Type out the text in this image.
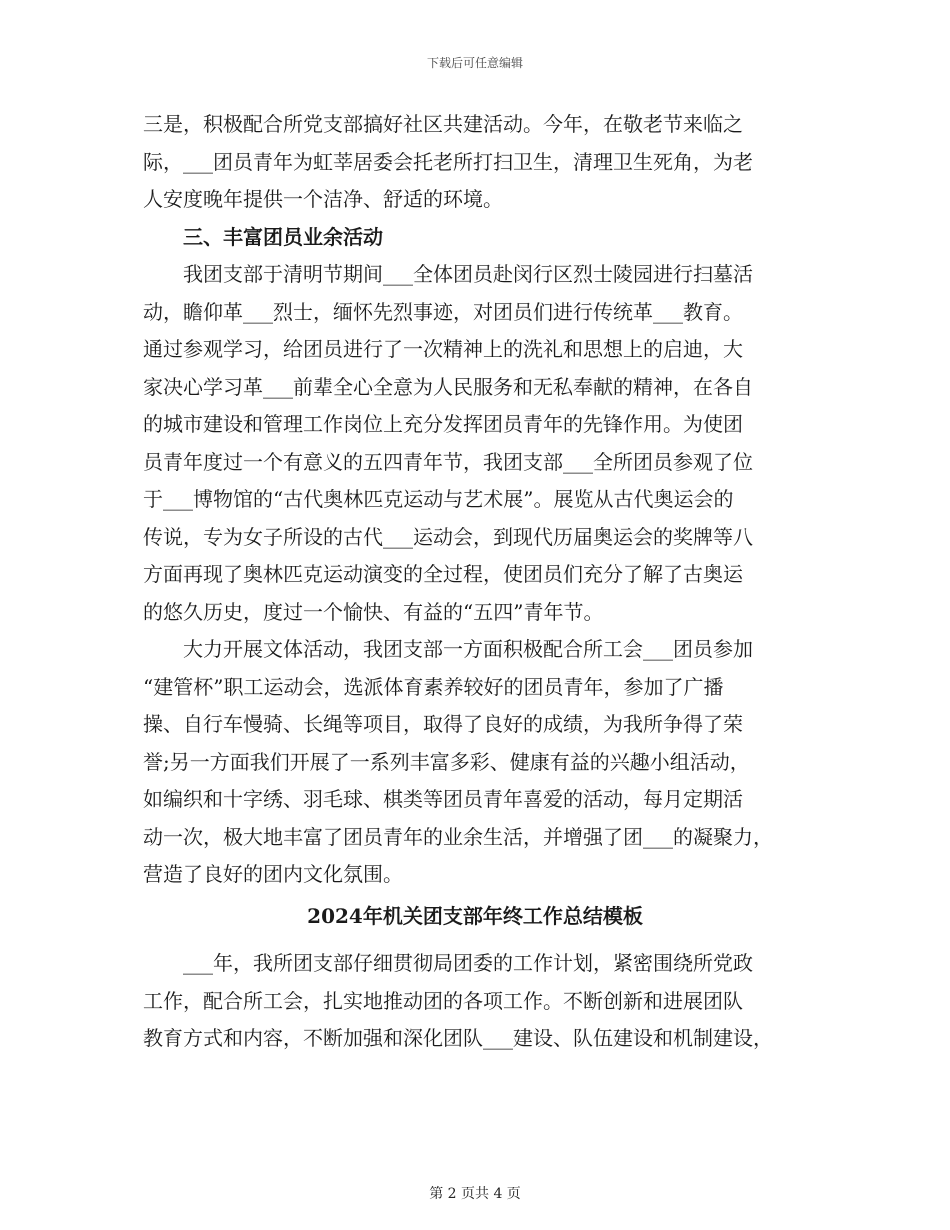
下载后可任意编辑
三是，积极配合所党支部搞好社区共建活动。今年，在敬老节来临之
际，___团员青年为虹莘居委会托老所打扫卫生，清理卫生死角，为老
人安度晚年提供一个洁净、舒适的环境。
三、丰富团员业余活动
我团支部于清明节期间___全体团员赴闵行区烈士陵园进行扫墓活
动，瞻仰革___烈士，缅怀先烈事迹，对团员们进行传统革___教育。
通过参观学习，给团员进行了一次精神上的洗礼和思想上的启迪，大
家决心学习革___前辈全心全意为人民服务和无私奉献的精神，在各自
的城市建设和管理工作岗位上充分发挥团员青年的先锋作用。为使团
员青年度过一个有意义的五四青年节，我团支部___全所团员参观了位
于___博物馆的“古代奥林匹克运动与艺术展”。展览从古代奥运会的
传说，专为女子所设的古代___运动会，到现代历届奥运会的奖牌等八
方面再现了奥林匹克运动演变的全过程，使团员们充分了解了古奥运
的悠久历史，度过一个愉快、有益的“五四”青年节。
大力开展文体活动，我团支部一方面积极配合所工会___团员参加
“建管杯”职工运动会，选派体育素养较好的团员青年，参加了广播
操、自行车慢骑、长绳等项目，取得了良好的成绩，为我所争得了荣
誉;另一方面我们开展了一系列丰富多彩、健康有益的兴趣小组活动，
如编织和十字绣、羽毛球、棋类等团员青年喜爱的活动，每月定期活
动一次，极大地丰富了团员青年的业余生活，并增强了团___的凝聚力，
营造了良好的团内文化氛围。
2024年机关团支部年终工作总结模板
___年，我所团支部仔细贯彻局团委的工作计划，紧密围绕所党政
工作，配合所工会，扎实地推动团的各项工作。不断创新和进展团队
教育方式和内容，不断加强和深化团队___建设、队伍建设和机制建设，
第 2 页共 4 页
